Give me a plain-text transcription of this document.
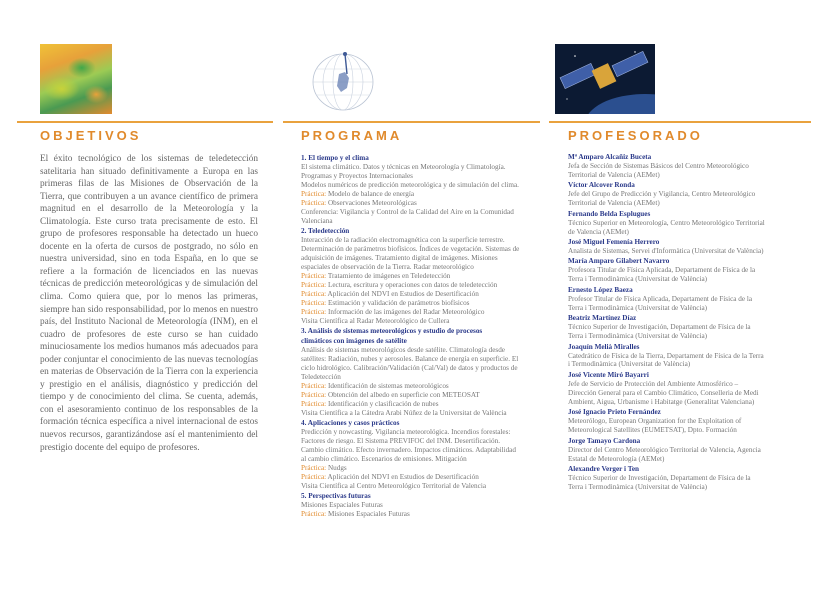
OBJETIVOS	PROGRAMA	PROFESORADO

El éxito tecnológico de los sistemas de teledetección satelitaria han situado definitivamente a Europa en las primeras filas de las Misiones de Observación de la Tierra, que contribuyen a un avance científico de primera magnitud en el desarrollo de la Meteorología y la Climatología. Este curso trata precisamente de esto. El grupo de profesores responsable ha detectado un hueco docente en la oferta de cursos de postgrado, no sólo en nuestra universidad, sino en toda España, en lo que se refiere a la formación de licenciados en las nuevas técnicas de predicción meteorológicas y de simulación del clima. Como quiera que, por lo menos las primeras, siempre han sido responsabilidad, por lo menos en nuestro país, del Instituto Nacional de Meteorología (INM), en el cuadro de profesores de este curso se han cuidado minuciosamente los medios humanos más adecuados para poder conjuntar el conocimiento de las nuevas tecnologías en materias de Observación de la Tierra con la experiencia y prestigio en el análisis, diagnóstico y predicción del tiempo y de conocimiento del clima. Se cuenta, además, con el asesoramiento continuo de los responsables de la formación técnica específica a nivel internacional de estos nuevos recursos, garantizándose así el mantenimiento del prestigio docente del equipo de profesores.

1. El tiempo y el clima
El sistema climático. Datos y técnicas en Meteorología y Climatología.
Programas y Proyectos Internacionales
Modelos numéricos de predicción meteorológica y de simulación del clima.
Práctica: Modelo de balance de energía
Práctica: Observaciones Meteorológicas
Conferencia: Vigilancia y Control de la Calidad del Aire en la Comunidad
Valenciana
2. Teledetección
Interacción de la radiación electromagnética con la superficie terrestre.
Determinación de parámetros biofísicos. Índices de vegetación. Sistemas de
adquisición de imágenes. Tratamiento digital de imágenes. Misiones
espaciales de observación de la Tierra. Radar meteorológico
Práctica: Tratamiento de imágenes en Teledetección
Práctica: Lectura, escritura y operaciones con datos de teledetección
Práctica: Aplicación del NDVI en Estudios de Desertificación
Práctica: Estimación y validación de parámetros biofísicos
Práctica: Información de las imágenes del Radar Meteorológico
Visita Científica al Radar Meteorológico de Cullera
3. Análisis de sistemas meteorológicos y estudio de procesos
climáticos con imágenes de satélite
Análisis de sistemas meteorológicos desde satélite. Climatología desde
satélites: Radiación, nubes y aerosoles. Balance de energía en superficie. El
ciclo hidrológico. Calibración/Validación (Cal/Val) de datos y productos de
Teledetección
Práctica: Identificación de sistemas meteorológicos
Práctica: Obtención del albedo en superficie con METEOSAT
Práctica: Identificación y clasificación de nubes
Visita Científica a la Cátedra Arabi Núñez de la Universitat de València
4. Aplicaciones y casos prácticos
Predicción y nowcasting. Vigilancia meteorológica. Incendios forestales:
Factores de riesgo. El Sistema PREVIFOC del INM. Desertificación.
Cambio climático. Efecto invernadero. Impactos climáticos. Adaptabilidad
al cambio climático. Escenarios de emisiones. Mitigación
Práctica: Nudgs
Práctica: Aplicación del NDVI en Estudios de Desertificación
Visita Científica al Centro Meteorológico Territorial de Valencia
5. Perspectivas futuras
Misiones Espaciales Futuras
Práctica: Misiones Espaciales Futuras
Mª Amparo Alcañiz Buceta
Jefa de Sección de Sistemas Básicos del Centro Meteorológico
Territorial de Valencia (AEMet)
Víctor Alcover Ronda
Jefe del Grupo de Predicción y Vigilancia, Centro Meteorológico
Territorial de Valencia (AEMet)
Fernando Belda Esplugues
Técnico Superior en Meteorología, Centro Meteorológico Territorial
de Valencia (AEMet)
José Miguel Femenía Herrero
Analista de Sistemas, Servei d'Informàtica (Universitat de València)
María Amparo Gilabert Navarro
Profesora Titular de Física Aplicada, Departament de Física de la
Terra i Termodinàmica (Universitat de València)
Ernesto López Baeza
Profesor Titular de Física Aplicada, Departament de Física de la
Terra i Termodinàmica (Universitat de València)
Beatriz Martínez Díaz
Técnico Superior de Investigación, Departament de Física de la
Terra i Termodinàmica (Universitat de València)
Joaquín Melià Miralles
Catedrático de Física de la Tierra, Departament de Física de la Terra
i Termodinàmica (Universitat de València)
José Vicente Miró Bayarri
Jefe de Servicio de Protección del Ambiente Atmosférico –
Dirección General para el Cambio Climático, Conselleria de Medi
Ambient, Aigua, Urbanisme i Habitatge (Generalitat Valenciana)
José Ignacio Prieto Fernández
Meteorólogo, European Organization for the Exploitation of
Meteorological Satellites (EUMETSAT), Dpto. Formación
Jorge Tamayo Cardona
Director del Centro Meteorológico Territorial de Valencia, Agencia
Estatal de Meteorología (AEMet)
Alexandre Verger i Ten
Técnico Superior de Investigación, Departament de Física de la
Terra i Termodinàmica (Universitat de València)
